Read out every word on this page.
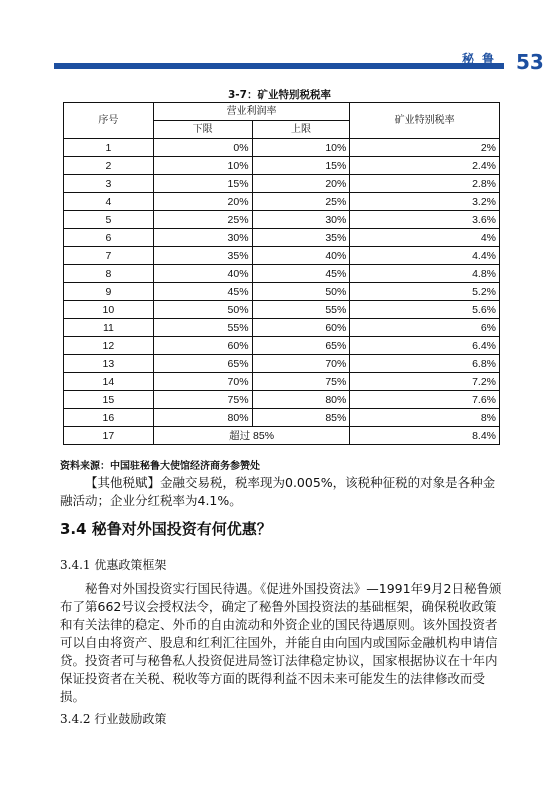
秘鲁 53
3-7：矿业特别税税率
序号	营业利润率		矿业特别税率
	下限	上限	
1	0%	10%	2%
2	10%	15%	2.4%
3	15%	20%	2.8%
4	20%	25%	3.2%
5	25%	30%	3.6%
6	30%	35%	4%
7	35%	40%	4.4%
8	40%	45%	4.8%
9	45%	50%	5.2%
10	50%	55%	5.6%
11	55%	60%	6%
12	60%	65%	6.4%
13	65%	70%	6.8%
14	70%	75%	7.2%
15	75%	80%	7.6%
16	80%	85%	8%
17	超过 85%		8.4%
资料来源：中国驻秘鲁大使馆经济商务参赞处
【其他税赋】金融交易税，税率现为0.005%，该税种征税的对象是各种金融活动；企业分红税率为4.1%。
3.4 秘鲁对外国投资有何优惠？
3.4.1 优惠政策框架
秘鲁对外国投资实行国民待遇。《促进外国投资法》—1991年9月2日秘鲁颁布了第662号议会授权法令，确定了秘鲁外国投资法的基础框架，确保税收政策和有关法律的稳定、外币的自由流动和外资企业的国民待遇原则。该外国投资者可以自由将资产、股息和红利汇往国外，并能自由向国内或国际金融机构申请信贷。投资者可与秘鲁私人投资促进局签订法律稳定协议，国家根据协议在十年内保证投资者在关税、税收等方面的既得利益不因未来可能发生的法律修改而受损。
3.4.2 行业鼓励政策
